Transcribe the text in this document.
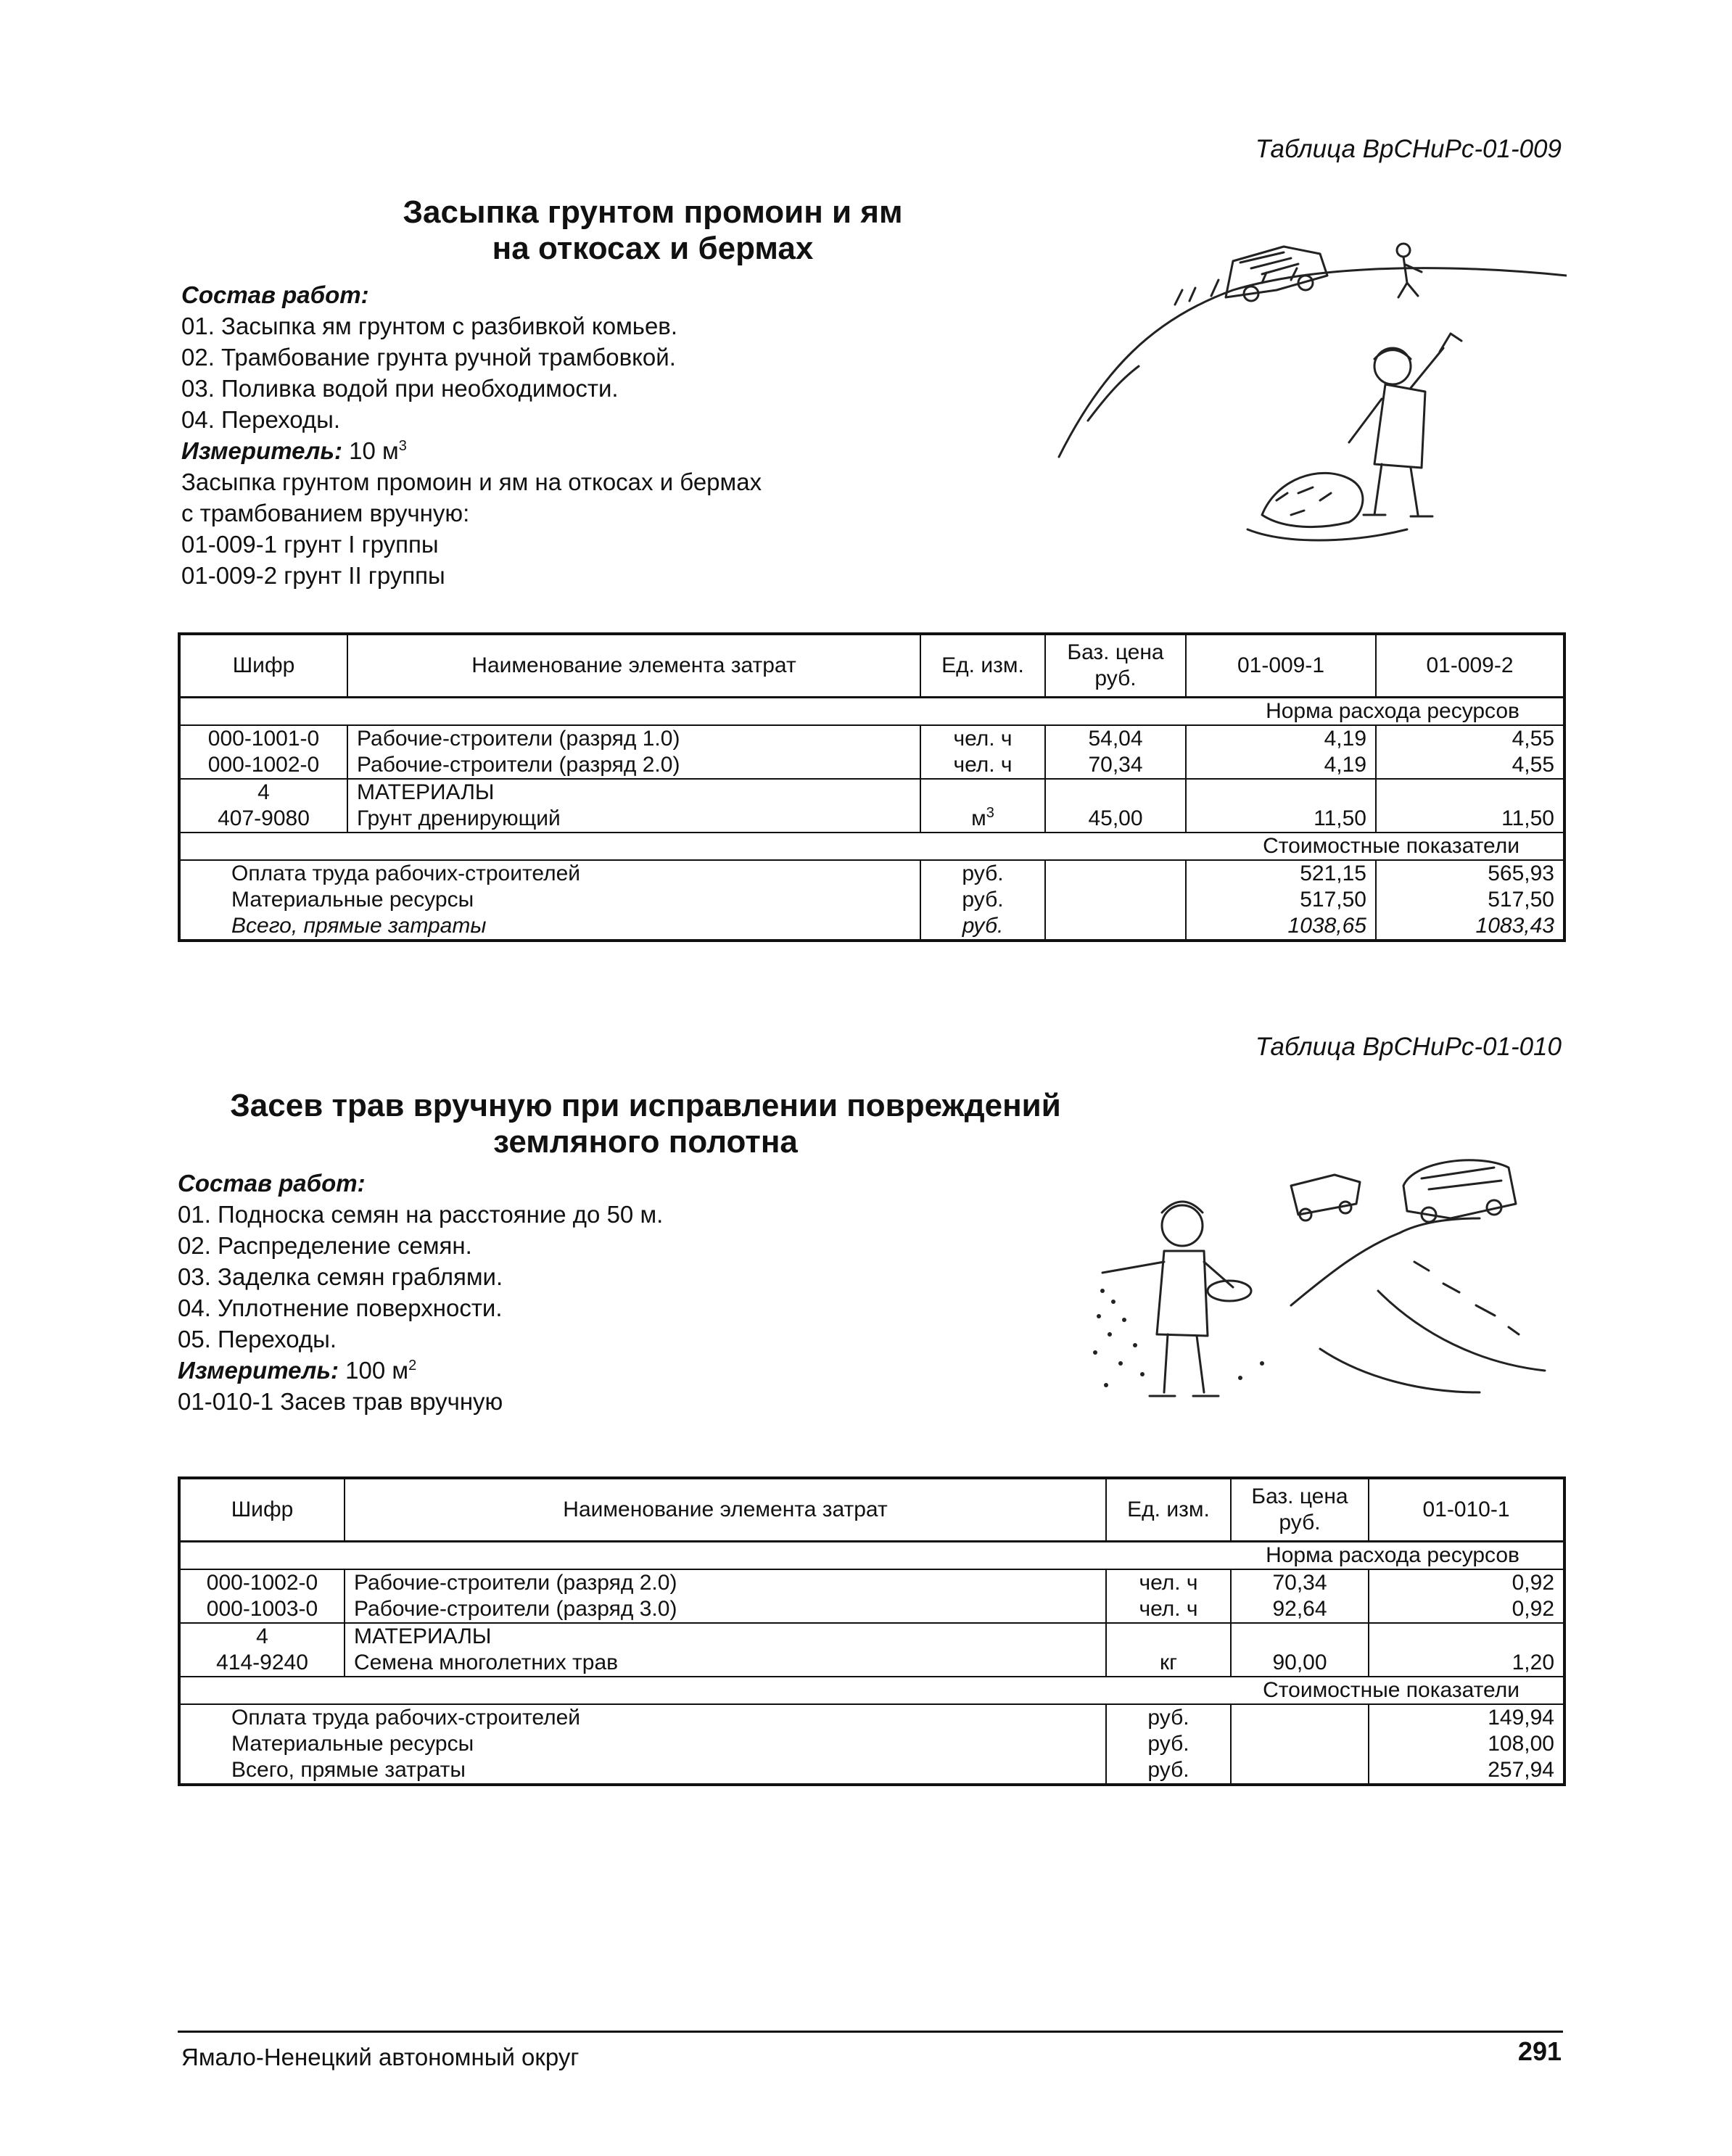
Таблица ВрСНиРс-01-009
Засыпка грунтом промоин и ям
на откосах и бермах
Состав работ:
01. Засыпка ям грунтом с разбивкой комьев.
02. Трамбование грунта ручной трамбовкой.
03. Поливка водой при необходимости.
04. Переходы.
Измеритель: 10 $м^3$
Засыпка грунтом промоин и ям на откосах и бермах
с трамбованием вручную:
01-009-1 грунт I группы
01-009-2 грунт II группы
Шифр	Наименование элемента затрат	Ед. изм.	Баз. цена руб.	01-009-1	01-009-2
Норма расхода ресурсов					
000-1001-0	Рабочие-строители (разряд 1.0)	чел. ч	54,04	4,19	4,55
000-1002-0	Рабочие-строители (разряд 2.0)	чел. ч	70,34	4,19	4,55
4	МАТЕРИАЛЫ				
407-9080	Грунт дренирующий	$м^3$	45,00	11,50	11,50
Стоимостные показатели					
Оплата труда рабочих-строителей		руб.		521,15	565,93
Материальные ресурсы		руб.		517,50	517,50
Всего, прямые затраты		руб.		1038,65	1083,43
Таблица ВрСНиРс-01-010
Засев трав вручную при исправлении повреждений
земляного полотна
Состав работ:
01. Подноска семян на расстояние до 50 м.
02. Распределение семян.
03. Заделка семян граблями.
04. Уплотнение поверхности.
05. Переходы.
Измеритель: 100 $м^2$
01-010-1 Засев трав вручную
Шифр	Наименование элемента затрат	Ед. изм.	Баз. цена руб.	01-010-1
Норма расхода ресурсов				
000-1002-0	Рабочие-строители (разряд 2.0)	чел. ч	70,34	0,92
000-1003-0	Рабочие-строители (разряд 3.0)	чел. ч	92,64	0,92
4	МАТЕРИАЛЫ			
414-9240	Семена многолетних трав	кг	90,00	1,20
Стоимостные показатели				
Оплата труда рабочих-строителей		руб.		149,94
Материальные ресурсы		руб.		108,00
Всего, прямые затраты		руб.		257,94
Ямало-Ненецкий автономный округ	291
